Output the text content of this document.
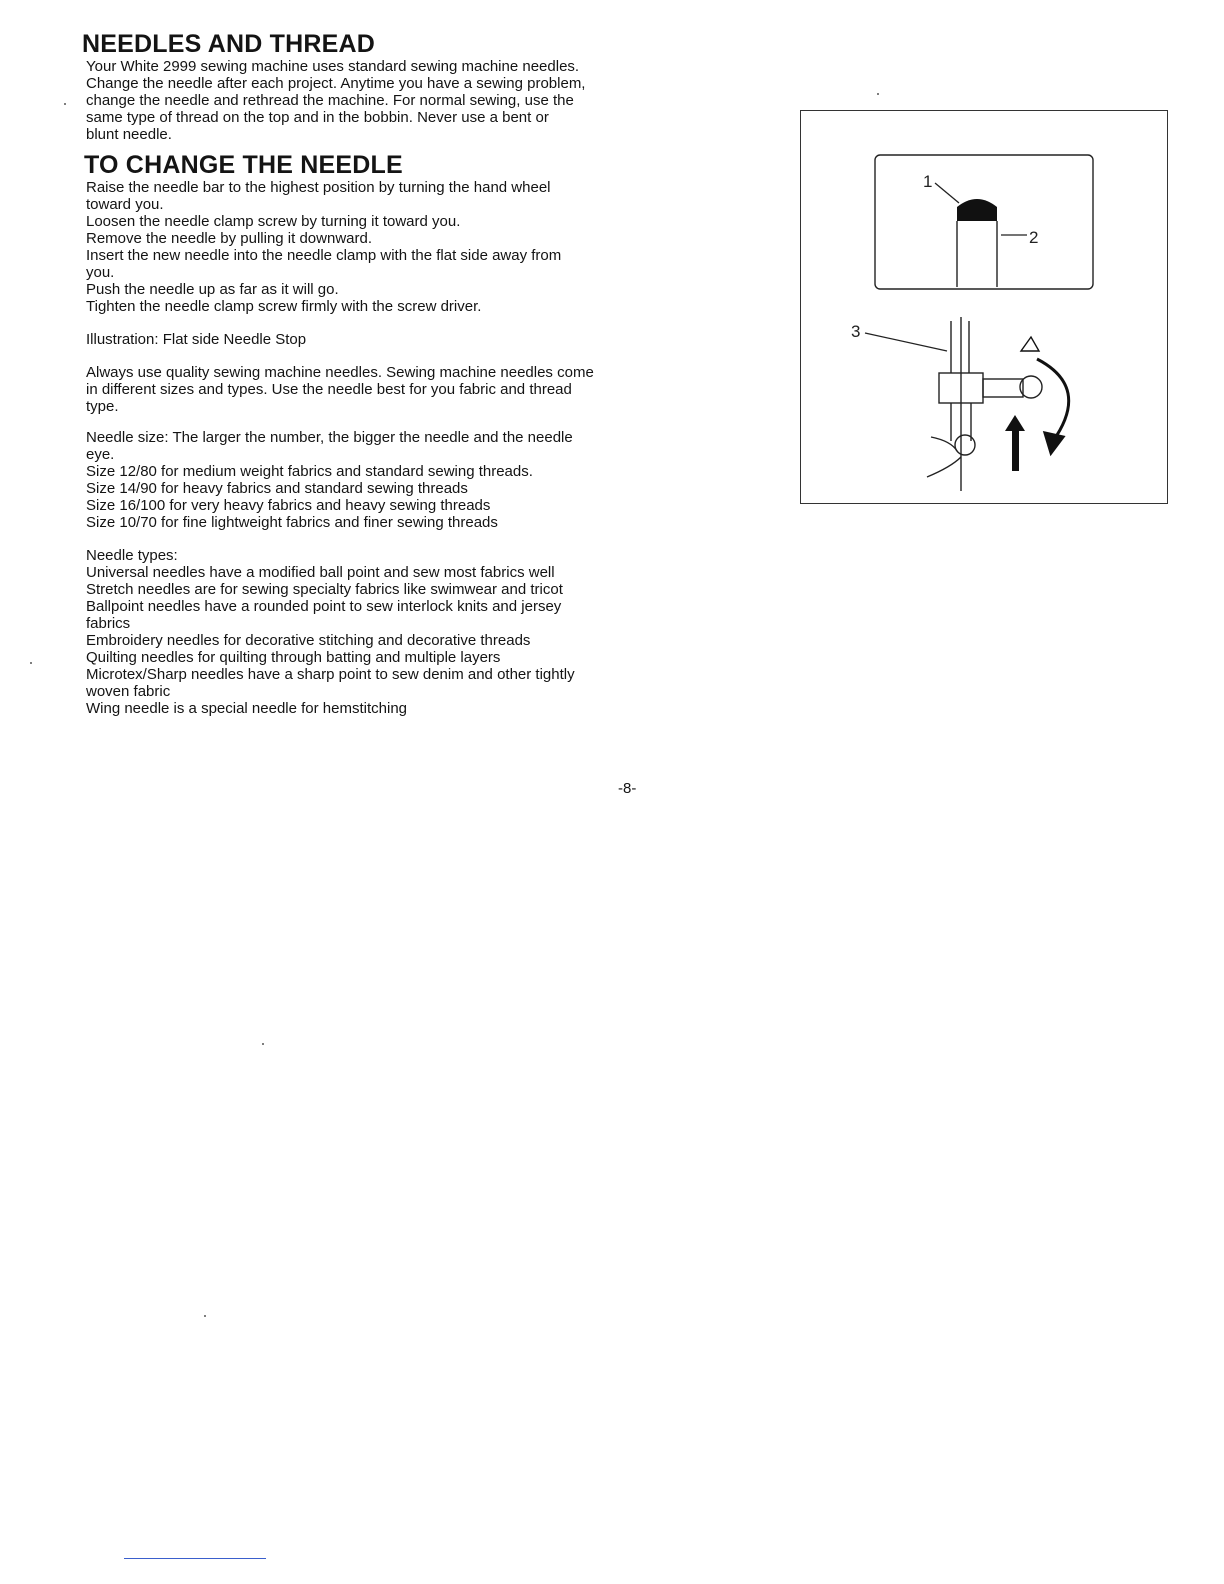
NEEDLES AND THREAD

Your White 2999 sewing machine uses standard sewing machine needles.

Change the needle after each project. Anytime you have a sewing problem,

change the needle and rethread the machine. For normal sewing, use the

same type of thread on the top and in the bobbin. Never use a bent or

blunt needle.

TO CHANGE THE NEEDLE

Raise the needle bar to the highest position by turning the hand wheel

toward you.

Loosen the needle clamp screw by turning it toward you.

Remove the needle by pulling it downward.

Insert the new needle into the needle clamp with the flat side away from

you.

Push the needle up as far as it will go.

Tighten the needle clamp screw firmly with the screw driver.

Illustration: Flat side Needle Stop

Always use quality sewing machine needles. Sewing machine needles come

in different sizes and types. Use the needle best for you fabric and thread

type.

Needle size: The larger the number, the bigger the needle and the needle

eye.

Size 12/80 for medium weight fabrics and standard sewing threads.

Size 14/90 for heavy fabrics and standard sewing threads

Size 16/100 for very heavy fabrics and heavy sewing threads

Size 10/70 for fine lightweight fabrics and finer sewing threads

Needle types:

Universal needles have a modified ball point and sew most fabrics well

Stretch needles are for sewing specialty fabrics like swimwear and tricot

Ballpoint needles have a rounded point to sew interlock knits and jersey

fabrics

Embroidery needles for decorative stitching and decorative threads

Quilting needles for quilting through batting and multiple layers

Microtex/Sharp needles have a sharp point to sew denim and other tightly

woven fabric

Wing needle is a special needle for hemstitching

1
2
3
-8-
